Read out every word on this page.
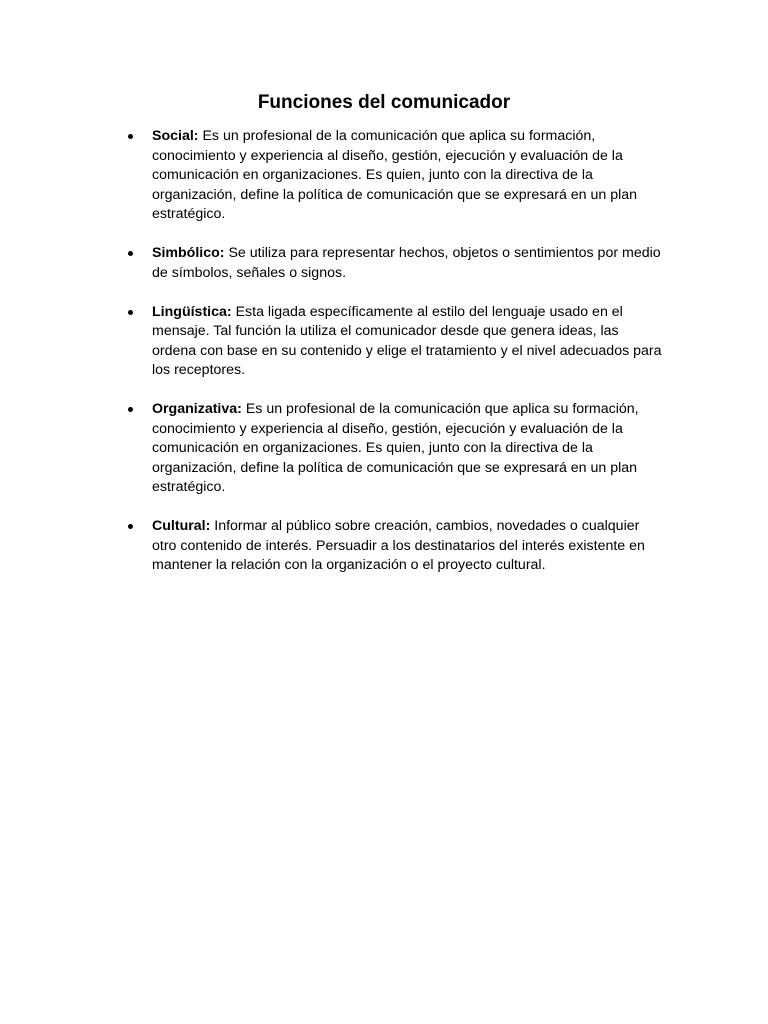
Funciones del comunicador
Social: Es un profesional de la comunicación que aplica su formación, conocimiento y experiencia al diseño, gestión, ejecución y evaluación de la comunicación en organizaciones. Es quien, junto con la directiva de la organización, define la política de comunicación que se expresará en un plan estratégico.
Simbólico: Se utiliza para representar hechos, objetos o sentimientos por medio de símbolos, señales o signos.
Lingüística: Esta ligada específicamente al estilo del lenguaje usado en el mensaje. Tal función la utiliza el comunicador desde que genera ideas, las ordena con base en su contenido y elige el tratamiento y el nivel adecuados para los receptores.
Organizativa: Es un profesional de la comunicación que aplica su formación, conocimiento y experiencia al diseño, gestión, ejecución y evaluación de la comunicación en organizaciones. Es quien, junto con la directiva de la organización, define la política de comunicación que se expresará en un plan estratégico.
Cultural: Informar al público sobre creación, cambios, novedades o cualquier otro contenido de interés. Persuadir a los destinatarios del interés existente en mantener la relación con la organización o el proyecto cultural.
